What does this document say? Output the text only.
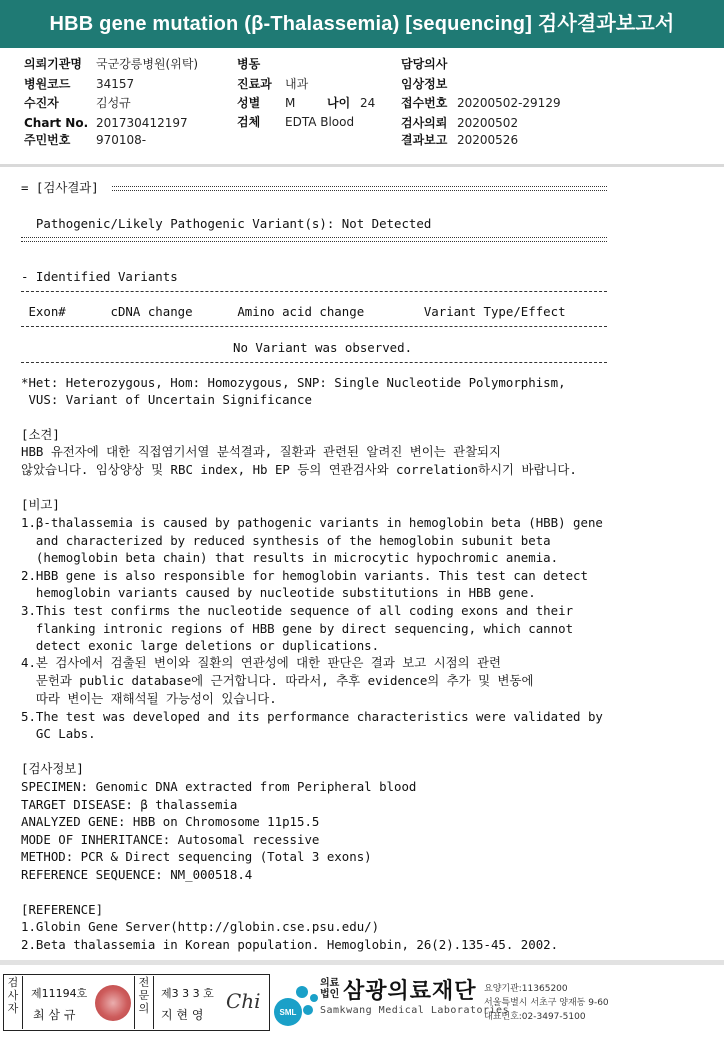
HBB gene mutation (β-Thalassemia) [sequencing] 검사결과보고서
의뢰기관명 국군강릉병원(위탁)
병원코드 34157
수진자	김성규
Chart No. 201730412197
주민번호 970108-
병동
진료과 내과
성별 M	나이 24
검체 EDTA Blood
담당의사
임상정보
접수번호 20200502-29129
검사의뢰 20200502
결과보고 20200526
= [검사결과]
Pathogenic/Likely Pathogenic Variant(s): Not Detected
- Identified Variants
Exon#      cDNA change      Amino acid change        Variant Type/Effect
No Variant was observed.
*Het: Heterozygous, Hom: Homozygous, SNP: Single Nucleotide Polymorphism,
VUS: Variant of Uncertain Significance
[소견]
HBB 유전자에 대한 직접염기서열 분석결과, 질환과 관련된 알려진 변이는 관찰되지
않았습니다. 임상양상 및 RBC index, Hb EP 등의 연관검사와 correlation하시기 바랍니다.
[비고]
1.β-thalassemia is caused by pathogenic variants in hemoglobin beta (HBB) gene
and characterized by reduced synthesis of the hemoglobin subunit beta
(hemoglobin beta chain) that results in microcytic hypochromic anemia.
2.HBB gene is also responsible for hemoglobin variants. This test can detect
hemoglobin variants caused by nucleotide substitutions in HBB gene.
3.This test confirms the nucleotide sequence of all coding exons and their
flanking intronic regions of HBB gene by direct sequencing, which cannot
detect exonic large deletions or duplications.
4.본 검사에서 검출된 변이와 질환의 연관성에 대한 판단은 결과 보고 시점의 관련
문헌과 public database에 근거합니다. 따라서, 추후 evidence의 추가 및 변동에
따라 변이는 재해석될 가능성이 있습니다.
5.The test was developed and its performance characteristics were validated by
GC Labs.
[검사정보]
SPECIMEN: Genomic DNA extracted from Peripheral blood
TARGET DISEASE: β thalassemia
ANALYZED GENE: HBB on Chromosome 11p15.5
MODE OF INHERITANCE: Autosomal recessive
METHOD: PCR & Direct sequencing (Total 3 exons)
REFERENCE SEQUENCE: NM_000518.4
[REFERENCE]
1.Globin Gene Server(http://globin.cse.psu.edu/)
2.Beta thalassemia in Korean population. Hemoglobin, 26(2).135-45. 2002.
검
사
자
제11194호
최 삼 규
전
문
의
제3 3 3 호
지 현 영
Chi SML
의료
법인 삼광의료재단
Samkwang Medical Laboratories
요양기관:11365200
서울특별시 서초구 양재동 9-60
대표번호:02-3497-5100
